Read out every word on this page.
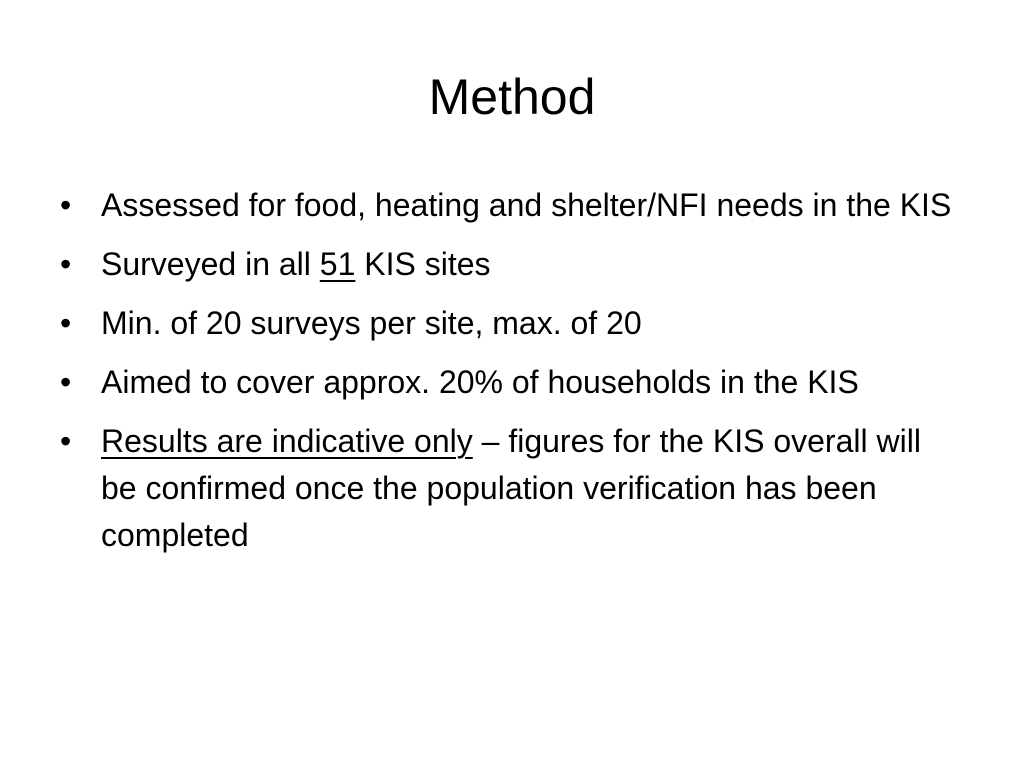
Method
• Assessed for food, heating and shelter/NFI needs in the KIS
• Surveyed in all 51 KIS sites
• Min. of 20 surveys per site, max. of 20
• Aimed to cover approx. 20% of households in the KIS
• Results are indicative only – figures for the KIS overall will be confirmed once the population verification has been completed
